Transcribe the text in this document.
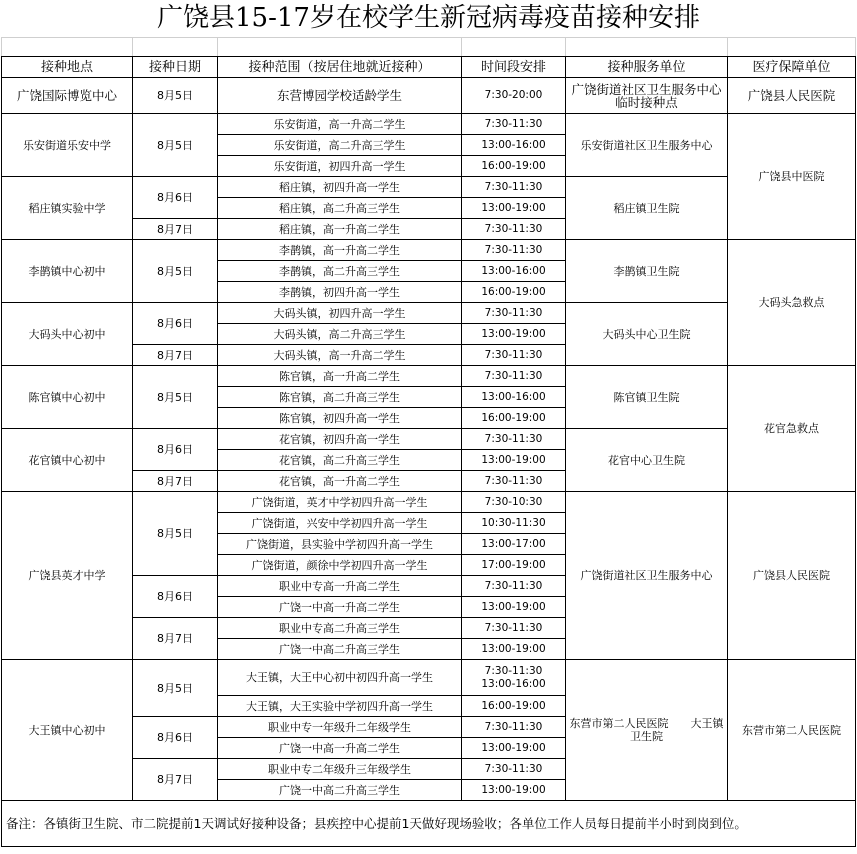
广饶县15-17岁在校学生新冠病毒疫苗接种安排

接种地点	接种日期	接种范围（按居住地就近接种）	时间段安排	接种服务单位	医疗保障单位
广饶国际博览中心	8月5日	东营博园学校适龄学生	7:30-20:00	广饶街道社区卫生服务中心临时接种点	广饶县人民医院
乐安街道乐安中学	8月5日	乐安街道，高一升高二学生	7:30-11:30	乐安街道社区卫生服务中心	广饶县中医院
		乐安街道，高二升高三学生	13:00-16:00		
		乐安街道，初四升高一学生	16:00-19:00		
稻庄镇实验中学	8月6日	稻庄镇，初四升高一学生	7:30-11:30	稻庄镇卫生院	
		稻庄镇，高二升高三学生	13:00-19:00		
	8月7日	稻庄镇，高一升高二学生	7:30-11:30		
李鹊镇中心初中	8月5日	李鹊镇，高一升高二学生	7:30-11:30	李鹊镇卫生院	大码头急救点
		李鹊镇，高二升高三学生	13:00-16:00		
		李鹊镇，初四升高一学生	16:00-19:00		
大码头中心初中	8月6日	大码头镇，初四升高一学生	7:30-11:30	大码头中心卫生院	
		大码头镇，高二升高三学生	13:00-19:00		
	8月7日	大码头镇，高一升高二学生	7:30-11:30		
陈官镇中心初中	8月5日	陈官镇，高一升高二学生	7:30-11:30	陈官镇卫生院	花官急救点
		陈官镇，高二升高三学生	13:00-16:00		
		陈官镇，初四升高一学生	16:00-19:00		
花官镇中心初中	8月6日	花官镇，初四升高一学生	7:30-11:30	花官中心卫生院	
		花官镇，高二升高三学生	13:00-19:00		
	8月7日	花官镇，高一升高二学生	7:30-11:30		
广饶县英才中学	8月5日	广饶街道，英才中学初四升高一学生	7:30-10:30	广饶街道社区卫生服务中心	广饶县人民医院
		广饶街道，兴安中学初四升高一学生	10:30-11:30		
		广饶街道，县实验中学初四升高一学生	13:00-17:00		
		广饶街道，颜徐中学初四升高一学生	17:00-19:00		
	8月6日	职业中专高一升高二学生	7:30-11:30		
		广饶一中高一升高二学生	13:00-19:00		
	8月7日	职业中专高二升高三学生	7:30-11:30		
		广饶一中高二升高三学生	13:00-19:00		
大王镇中心初中	8月5日	大王镇，大王中心初中初四升高一学生	7:30-11:30　13:00-16:00	东营市第二人民医院　　大王镇卫生院	东营市第二人民医院
		大王镇，大王实验中学初四升高一学生	16:00-19:00		
	8月6日	职业中专一年级升二年级学生	7:30-11:30		
		广饶一中高一升高二学生	13:00-19:00		
	8月7日	职业中专二年级升三年级学生	7:30-11:30		
		广饶一中高二升高三学生	13:00-19:00		
备注：各镇街卫生院、市二院提前1天调试好接种设备；县疾控中心提前1天做好现场验收；各单位工作人员每日提前半小时到岗到位。					
